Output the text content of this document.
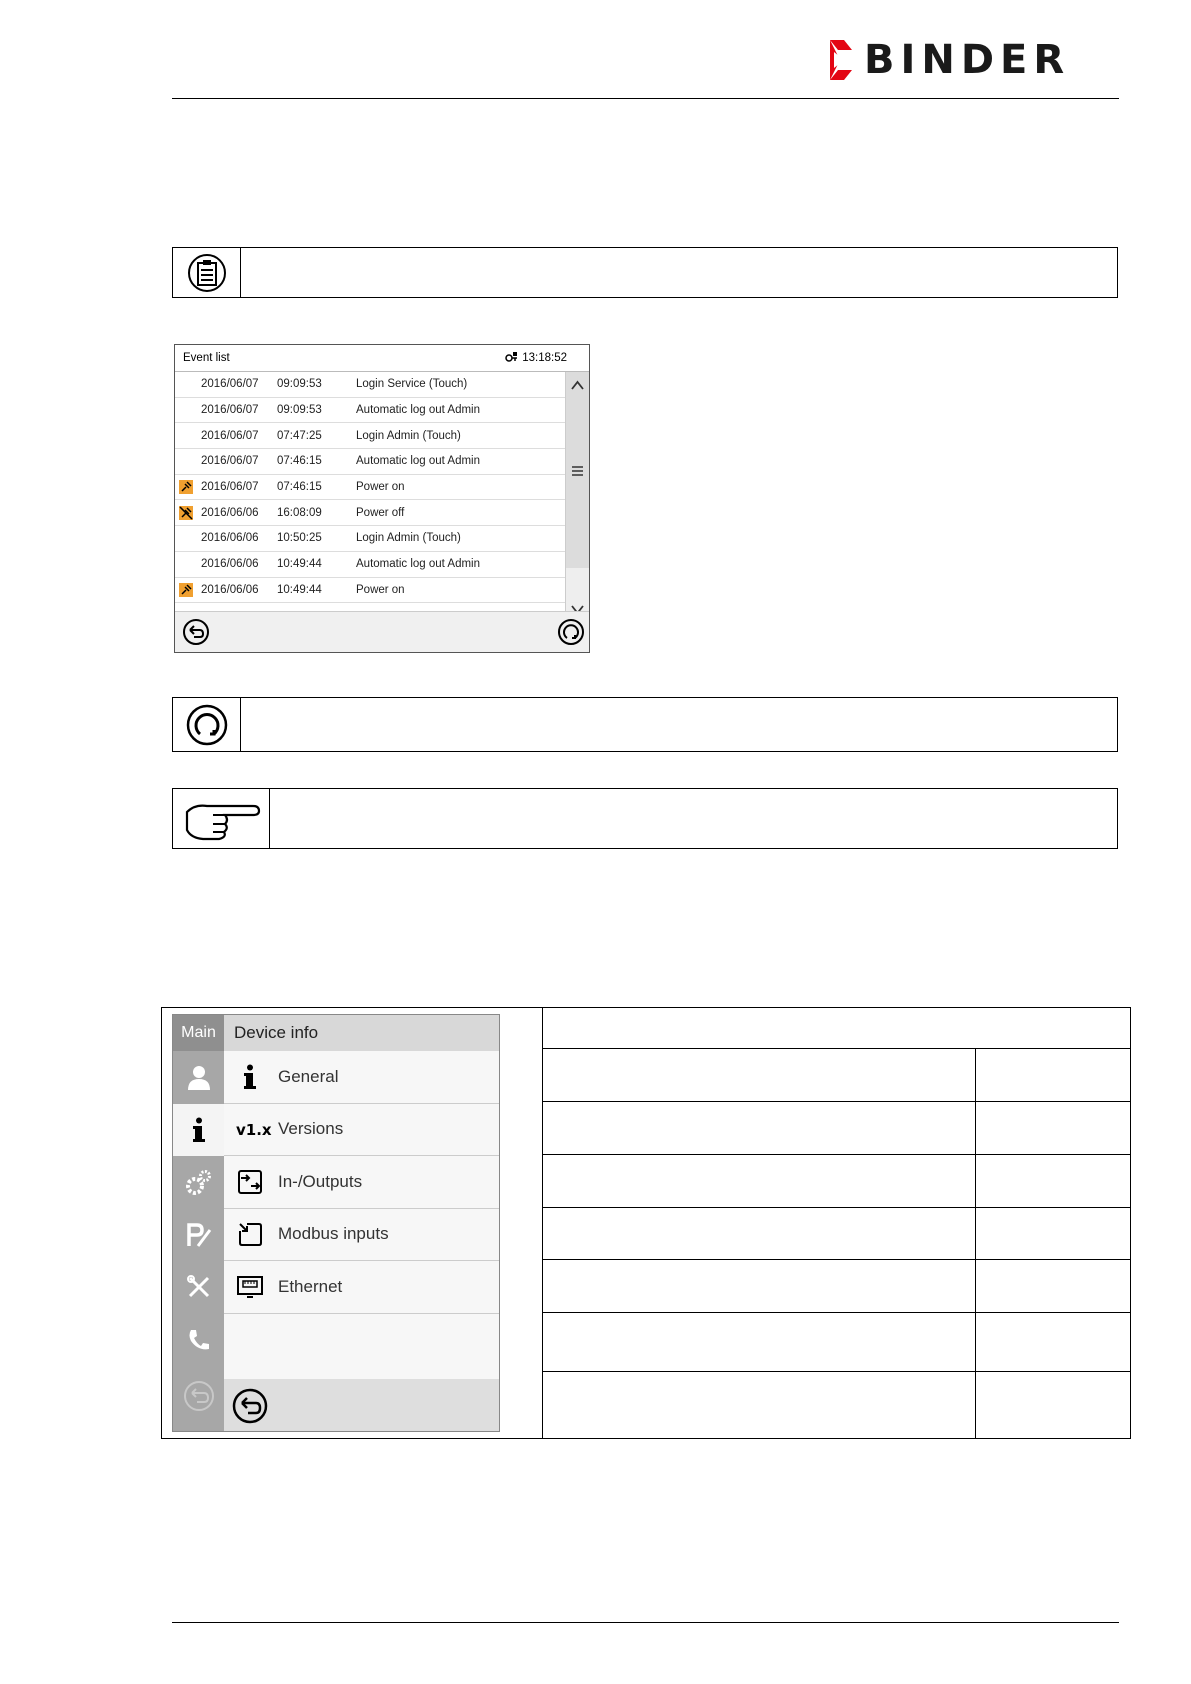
BINDER
Event list	13:18:52
2016/06/07	09:09:53	Login Service (Touch)
2016/06/07	09:09:53	Automatic log out Admin
2016/06/07	07:47:25	Login Admin (Touch)
2016/06/07	07:46:15	Automatic log out Admin
2016/06/07	07:46:15	Power on
2016/06/06	16:08:09	Power off
2016/06/06	10:50:25	Login Admin (Touch)
2016/06/06	10:49:44	Automatic log out Admin
2016/06/06	10:49:44	Power on
Main	Device info
General
v1.x Versions
In-/Outputs
Modbus inputs
Ethernet
